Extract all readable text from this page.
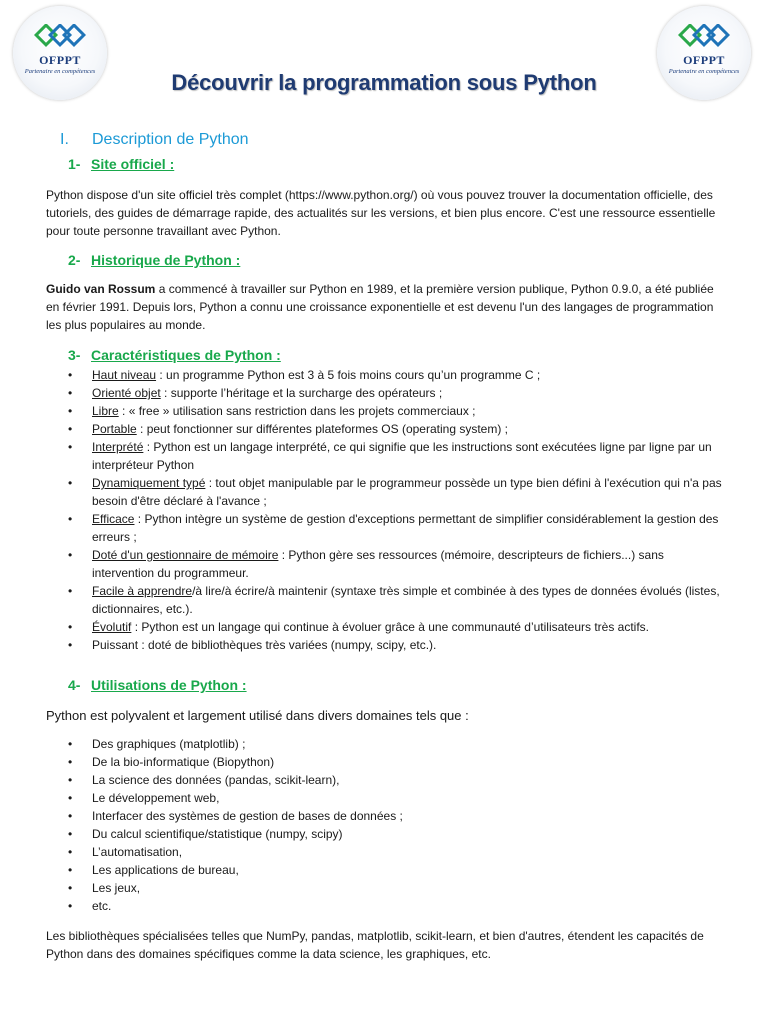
OFPPT
Partenaire en compétences
OFPPT
Partenaire en compétences
Découvrir la programmation sous Python
I. Description de Python
1- Site officiel :
Python dispose d'un site officiel très complet (https://www.python.org/) où vous pouvez trouver la documentation officielle, des tutoriels, des guides de démarrage rapide, des actualités sur les versions, et bien plus encore. C'est une ressource essentielle pour toute personne travaillant avec Python.
2- Historique de Python :
Guido van Rossum a commencé à travailler sur Python en 1989, et la première version publique, Python 0.9.0, a été publiée en février 1991. Depuis lors, Python a connu une croissance exponentielle et est devenu l'un des langages de programmation les plus populaires au monde.
3- Caractéristiques de Python :
• Haut niveau : un programme Python est 3 à 5 fois moins cours qu’un programme C ;
• Orienté objet : supporte l’héritage et la surcharge des opérateurs ;
• Libre : « free » utilisation sans restriction dans les projets commerciaux ;
• Portable : peut fonctionner sur différentes plateformes OS (operating system) ;
• Interprété : Python est un langage interprété, ce qui signifie que les instructions sont exécutées ligne par ligne par un interpréteur Python
• Dynamiquement typé : tout objet manipulable par le programmeur possède un type bien défini à l'exécution qui n'a pas besoin d'être déclaré à l'avance ;
• Efficace : Python intègre un système de gestion d'exceptions permettant de simplifier considérablement la gestion des erreurs ;
• Doté d'un gestionnaire de mémoire : Python gère ses ressources (mémoire, descripteurs de fichiers...) sans intervention du programmeur.
• Facile à apprendre/à lire/à écrire/à maintenir (syntaxe très simple et combinée à des types de données évolués (listes, dictionnaires, etc.).
• Évolutif : Python est un langage qui continue à évoluer grâce à une communauté d’utilisateurs très actifs.
• Puissant : doté de bibliothèques très variées (numpy, scipy, etc.).
4- Utilisations de Python :
Python est polyvalent et largement utilisé dans divers domaines tels que :
• Des graphiques (matplotlib) ;
• De la bio-informatique (Biopython)
• La science des données (pandas, scikit-learn),
• Le développement web,
• Interfacer des systèmes de gestion de bases de données ;
• Du calcul scientifique/statistique (numpy, scipy)
• L’automatisation,
• Les applications de bureau,
• Les jeux,
• etc.
Les bibliothèques spécialisées telles que NumPy, pandas, matplotlib, scikit-learn, et bien d'autres, étendent les capacités de Python dans des domaines spécifiques comme la data science, les graphiques, etc.
